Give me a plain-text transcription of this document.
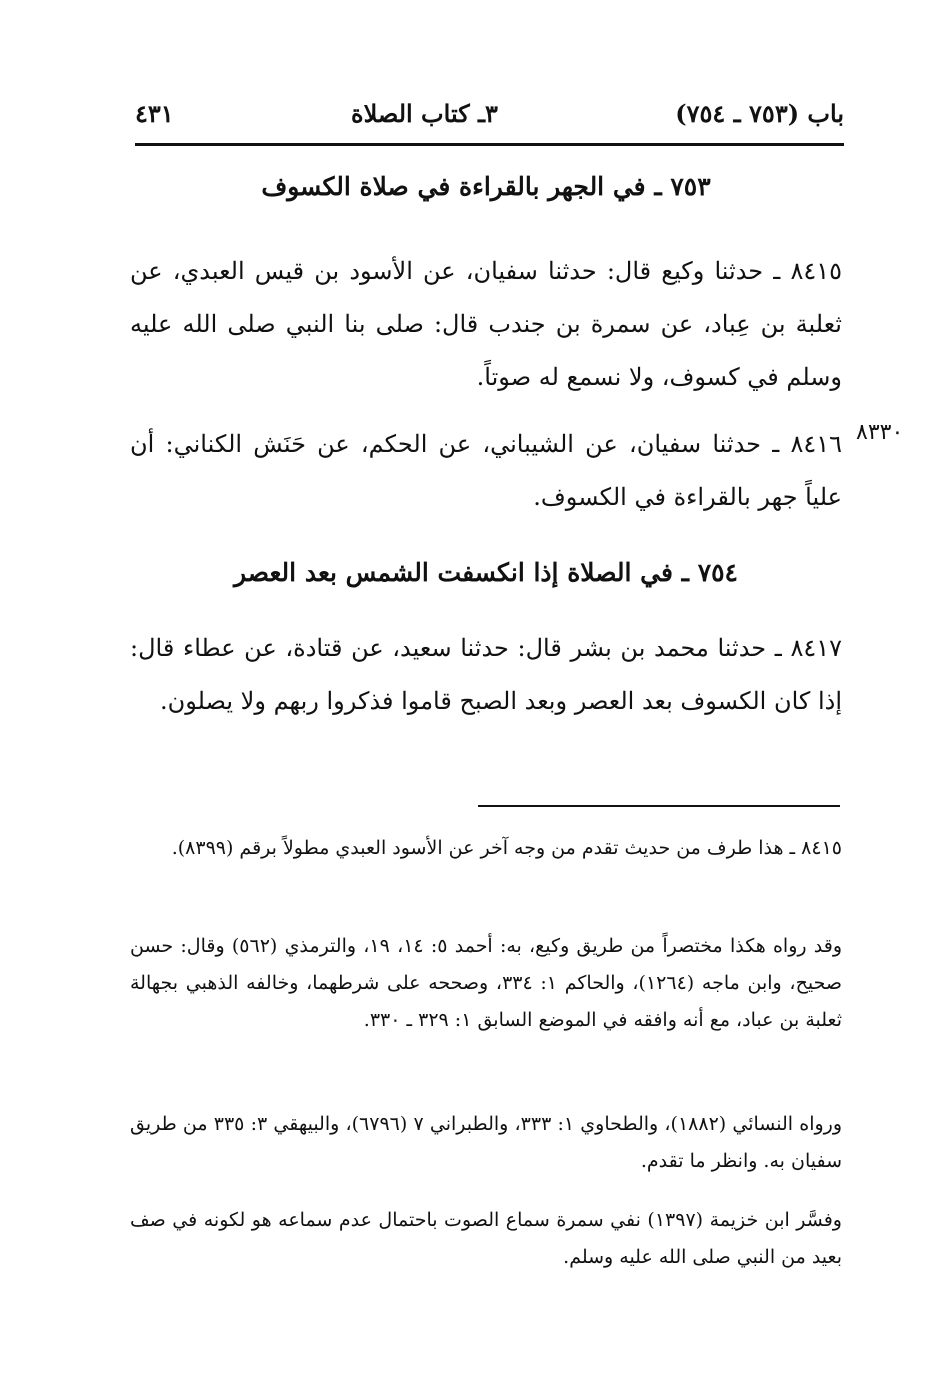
باب (٧٥٣ ـ ٧٥٤)
٣ـ كتاب الصلاة
٤٣١
٧٥٣ ـ في الجهر بالقراءة في صلاة الكسوف
٨٤١٥ ـ حدثنا وكيع قال: حدثنا سفيان، عن الأسود بن قيس العبدي، عن ثعلبة بن عِباد، عن سمرة بن جندب قال: صلى بنا النبي صلى الله عليه وسلم في كسوف، ولا نسمع له صوتاً.
٨٣٣٠
٨٤١٦ ـ حدثنا سفيان، عن الشيباني، عن الحكم، عن حَنَش الكناني: أن علياً جهر بالقراءة في الكسوف.
٧٥٤ ـ في الصلاة إذا انكسفت الشمس بعد العصر
٨٤١٧ ـ حدثنا محمد بن بشر قال: حدثنا سعيد، عن قتادة، عن عطاء قال: إذا كان الكسوف بعد العصر وبعد الصبح قاموا فذكروا ربهم ولا يصلون.
٨٤١٥ ـ هذا طرف من حديث تقدم من وجه آخر عن الأسود العبدي مطولاً برقم (٨٣٩٩).
وقد رواه هكذا مختصراً من طريق وكيع، به: أحمد ٥: ١٤، ١٩، والترمذي (٥٦٢) وقال: حسن صحيح، وابن ماجه (١٢٦٤)، والحاكم ١: ٣٣٤، وصححه على شرطهما، وخالفه الذهبي بجهالة ثعلبة بن عباد، مع أنه وافقه في الموضع السابق ١: ٣٢٩ ـ ٣٣٠.
ورواه النسائي (١٨٨٢)، والطحاوي ١: ٣٣٣، والطبراني ٧ (٦٧٩٦)، والبيهقي ٣: ٣٣٥ من طريق سفيان به. وانظر ما تقدم.
وفسَّر ابن خزيمة (١٣٩٧) نفي سمرة سماع الصوت باحتمال عدم سماعه هو لكونه في صف بعيد من النبي صلى الله عليه وسلم.
